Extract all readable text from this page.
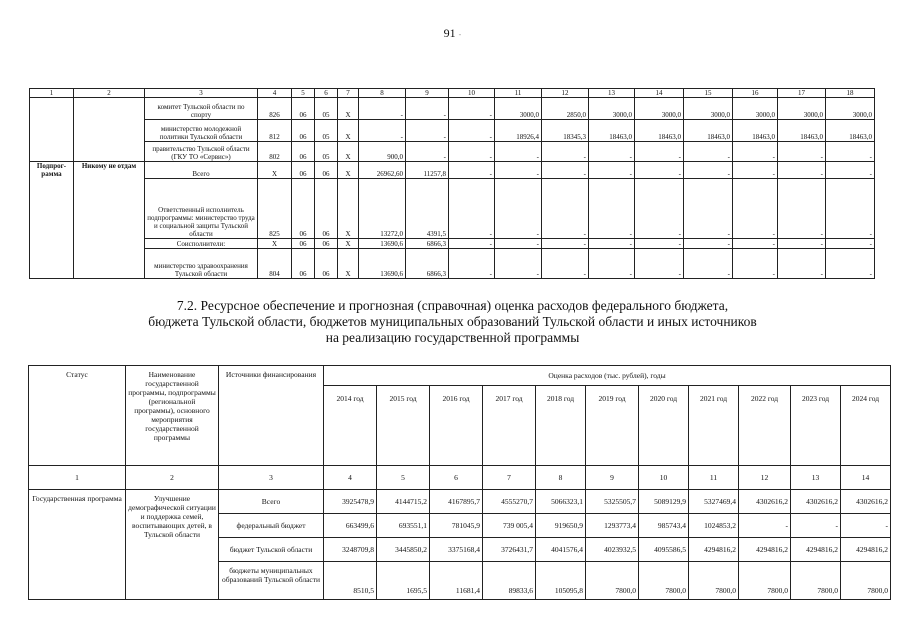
91 -
1	2	3	4	5	6	7	8	9	10	11	12	13	14	15	16	17	18
		комитет Тульской области по спорту	826	06	05	Х	-	-	-	3000,0	2850,0	3000,0	3000,0	3000,0	3000,0	3000,0	3000,0
		министерство молодежной политики Тульской области	812	06	05	Х	-	-	-	18926,4	18345,3	18463,0	18463,0	18463,0	18463,0	18463,0	18463,0
		правительство Тульской области (ГКУ ТО «Сервис»)	802	06	05	Х	900,0	-	-	-	-	-	-	-	-	-	-
Подпрог-
рамма	Никому не отдам	Всего	Х	06	06	Х	26962,60	11257,8	-	-	-	-	-	-	-	-	-
		Ответственный исполнитель подпрограммы: министерство труда и социальной защиты Тульской области	825	06	06	Х	13272,0	4391,5	-	-	-	-	-	-	-	-	-
		Соисполнители:	Х	06	06	Х	13690,6	6866,3	-	-	-	-	-	-	-	-	-
		министерство здравоохранения Тульской области	804	06	06	Х	13690,6	6866,3	-	-	-	-	-	-	-	-	-
7.2. Ресурсное обеспечение и прогнозная (справочная) оценка расходов федерального бюджета,
бюджета Тульской области, бюджетов муниципальных образований Тульской области и иных источников
на реализацию государственной программы
Статус	Наименование государственной программы, подпрограммы (региональной программы), основного мероприятия государственной программы	Источники финансирования	Оценка расходов (тыс. рублей), годы										
			2014 год	2015 год	2016 год	2017 год	2018 год	2019 год	2020 год	2021 год	2022 год	2023 год	2024 год
1	2	3	4	5	6	7	8	9	10	11	12	13	14
Государственная программа	Улучшение демографической ситуации и поддержка семей, воспитывающих детей, в Тульской области	Всего	3925478,9	4144715,2	4167895,7	4555270,7	5066323,1	5325505,7	5089129,9	5327469,4	4302616,2	4302616,2	4302616,2
		федеральный бюджет	663499,6	693551,1	781045,9	739 005,4	919650,9	1293773,4	985743,4	1024853,2	-	-	-
		бюджет Тульской области	3248709,8	3445850,2	3375168,4	3726431,7	4041576,4	4023932,5	4095586,5	4294816,2	4294816,2	4294816,2	4294816,2
		бюджеты муниципальных образований Тульской области	8510,5	1695,5	11681,4	89833,6	105095,8	7800,0	7800,0	7800,0	7800,0	7800,0	7800,0
